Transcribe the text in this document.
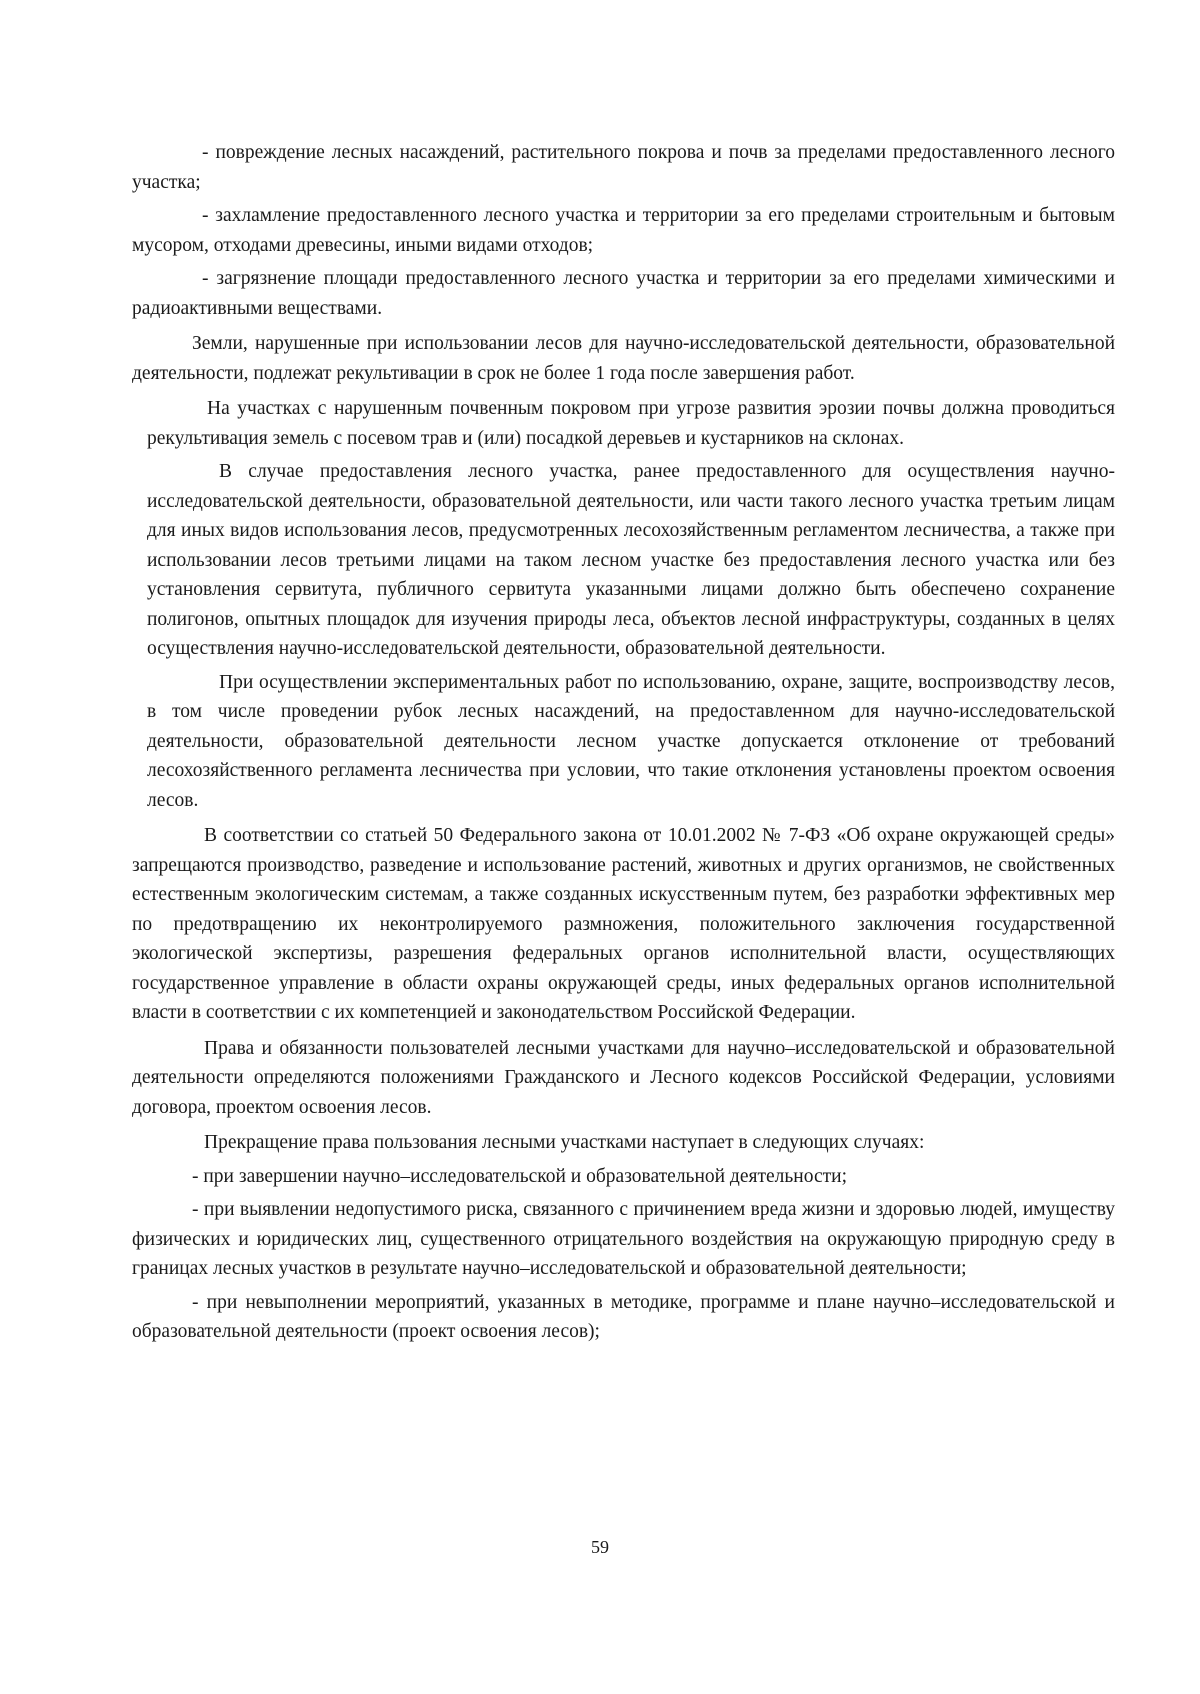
- повреждение лесных насаждений, растительного покрова и почв за пределами предоставленного лесного участка;

- захламление предоставленного лесного участка и территории за его пределами строительным и бытовым мусором, отходами древесины, иными видами отходов;

- загрязнение площади предоставленного лесного участка и территории за его пределами химическими и радиоактивными веществами.

Земли, нарушенные при использовании лесов для научно-исследовательской деятельности, образовательной деятельности, подлежат рекультивации в срок не более 1 года после завершения работ.

На участках с нарушенным почвенным покровом при угрозе развития эрозии почвы должна проводиться рекультивация земель с посевом трав и (или) посадкой деревьев и кустарников на склонах.

В случае предоставления лесного участка, ранее предоставленного для осуществления научно-исследовательской деятельности, образовательной деятельности, или части такого лесного участка третьим лицам для иных видов использования лесов, предусмотренных лесохозяйственным регламентом лесничества, а также при использовании лесов третьими лицами на таком лесном участке без предоставления лесного участка или без установления сервитута, публичного сервитута указанными лицами должно быть обеспечено сохранение полигонов, опытных площадок для изучения природы леса, объектов лесной инфраструктуры, созданных в целях осуществления научно-исследовательской деятельности, образовательной деятельности.

При осуществлении экспериментальных работ по использованию, охране, защите, воспроизводству лесов, в том числе проведении рубок лесных насаждений, на предоставленном для научно-исследовательской деятельности, образовательной деятельности лесном участке допускается отклонение от требований лесохозяйственного регламента лесничества при условии, что такие отклонения установлены проектом освоения лесов.

В соответствии со статьей 50 Федерального закона от 10.01.2002 № 7-ФЗ «Об охране окружающей среды» запрещаются производство, разведение и использование растений, животных и других организмов, не свойственных естественным экологическим системам, а также созданных искусственным путем, без разработки эффективных мер по предотвращению их неконтролируемого размножения, положительного заключения государственной экологической экспертизы, разрешения федеральных органов исполнительной власти, осуществляющих государственное управление в области охраны окружающей среды, иных федеральных органов исполнительной власти в соответствии с их компетенцией и законодательством Российской Федерации.

Права и обязанности пользователей лесными участками для научно–исследовательской и образовательной деятельности определяются положениями Гражданского и Лесного кодексов Российской Федерации, условиями договора, проектом освоения лесов.

Прекращение права пользования лесными участками наступает в следующих случаях:

- при завершении научно–исследовательской и образовательной деятельности;

- при выявлении недопустимого риска, связанного с причинением вреда жизни и здоровью людей, имуществу физических и юридических лиц, существенного отрицательного воздействия на окружающую природную среду в границах лесных участков в результате научно–исследовательской и образовательной деятельности;

- при невыполнении мероприятий, указанных в методике, программе и плане научно–исследовательской и образовательной деятельности (проект освоения лесов);

59
